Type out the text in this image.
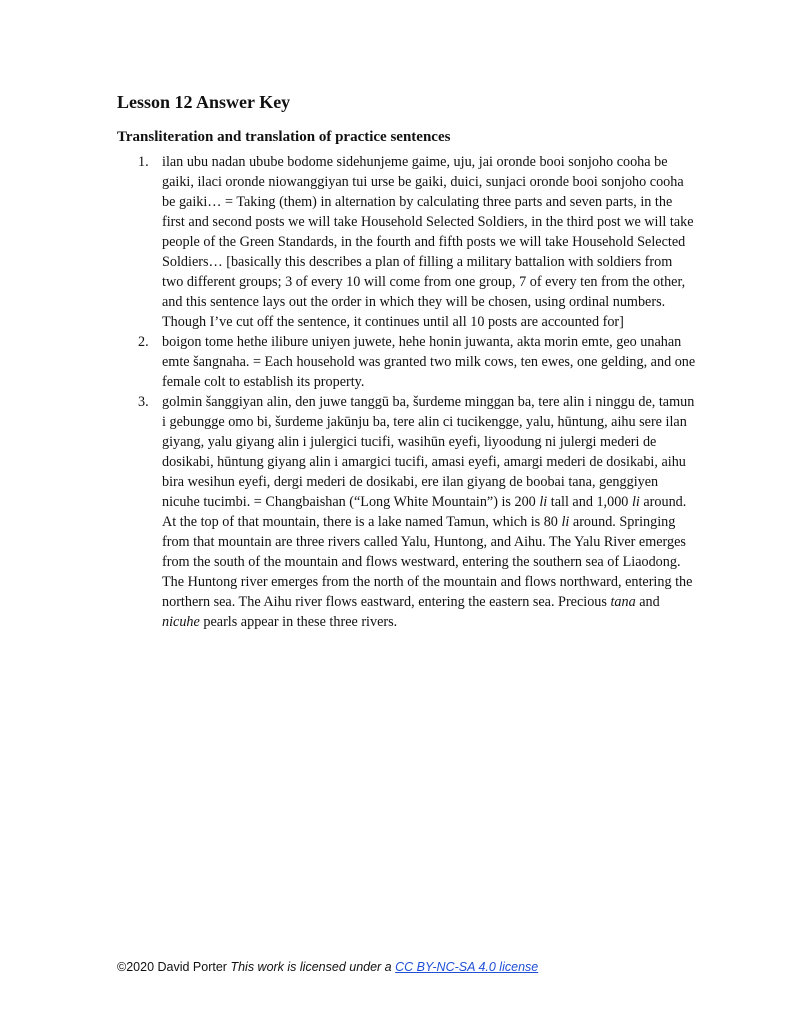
Lesson 12 Answer Key
Transliteration and translation of practice sentences
1. ilan ubu nadan ubube bodome sidehunjeme gaime, uju, jai oronde booi sonjoho cooha be gaiki, ilaci oronde niowanggiyan tui urse be gaiki, duici, sunjaci oronde booi sonjoho cooha be gaiki… = Taking (them) in alternation by calculating three parts and seven parts, in the first and second posts we will take Household Selected Soldiers, in the third post we will take people of the Green Standards, in the fourth and fifth posts we will take Household Selected Soldiers… [basically this describes a plan of filling a military battalion with soldiers from two different groups; 3 of every 10 will come from one group, 7 of every ten from the other, and this sentence lays out the order in which they will be chosen, using ordinal numbers. Though I’ve cut off the sentence, it continues until all 10 posts are accounted for]
2. boigon tome hethe ilibure uniyen juwete, hehe honin juwanta, akta morin emte, geo unahan emte šangnaha. = Each household was granted two milk cows, ten ewes, one gelding, and one female colt to establish its property.
3. golmin šanggiyan alin, den juwe tanggū ba, šurdeme minggan ba, tere alin i ninggu de, tamun i gebungge omo bi, šurdeme jakūnju ba, tere alin ci tucikengge, yalu, hūntung, aihu sere ilan giyang, yalu giyang alin i julergici tucifi, wasihūn eyefi, liyoodung ni julergi mederi de dosikabi, hūntung giyang alin i amargici tucifi, amasi eyefi, amargi mederi de dosikabi, aihu bira wesihun eyefi, dergi mederi de dosikabi, ere ilan giyang de boobai tana, genggiyen nicuhe tucimbi. = Changbaishan (“Long White Mountain”) is 200 li tall and 1,000 li around. At the top of that mountain, there is a lake named Tamun, which is 80 li around. Springing from that mountain are three rivers called Yalu, Huntong, and Aihu. The Yalu River emerges from the south of the mountain and flows westward, entering the southern sea of Liaodong. The Huntong river emerges from the north of the mountain and flows northward, entering the northern sea. The Aihu river flows eastward, entering the eastern sea. Precious tana and nicuhe pearls appear in these three rivers.
©2020 David Porter This work is licensed under a CC BY-NC-SA 4.0 license
